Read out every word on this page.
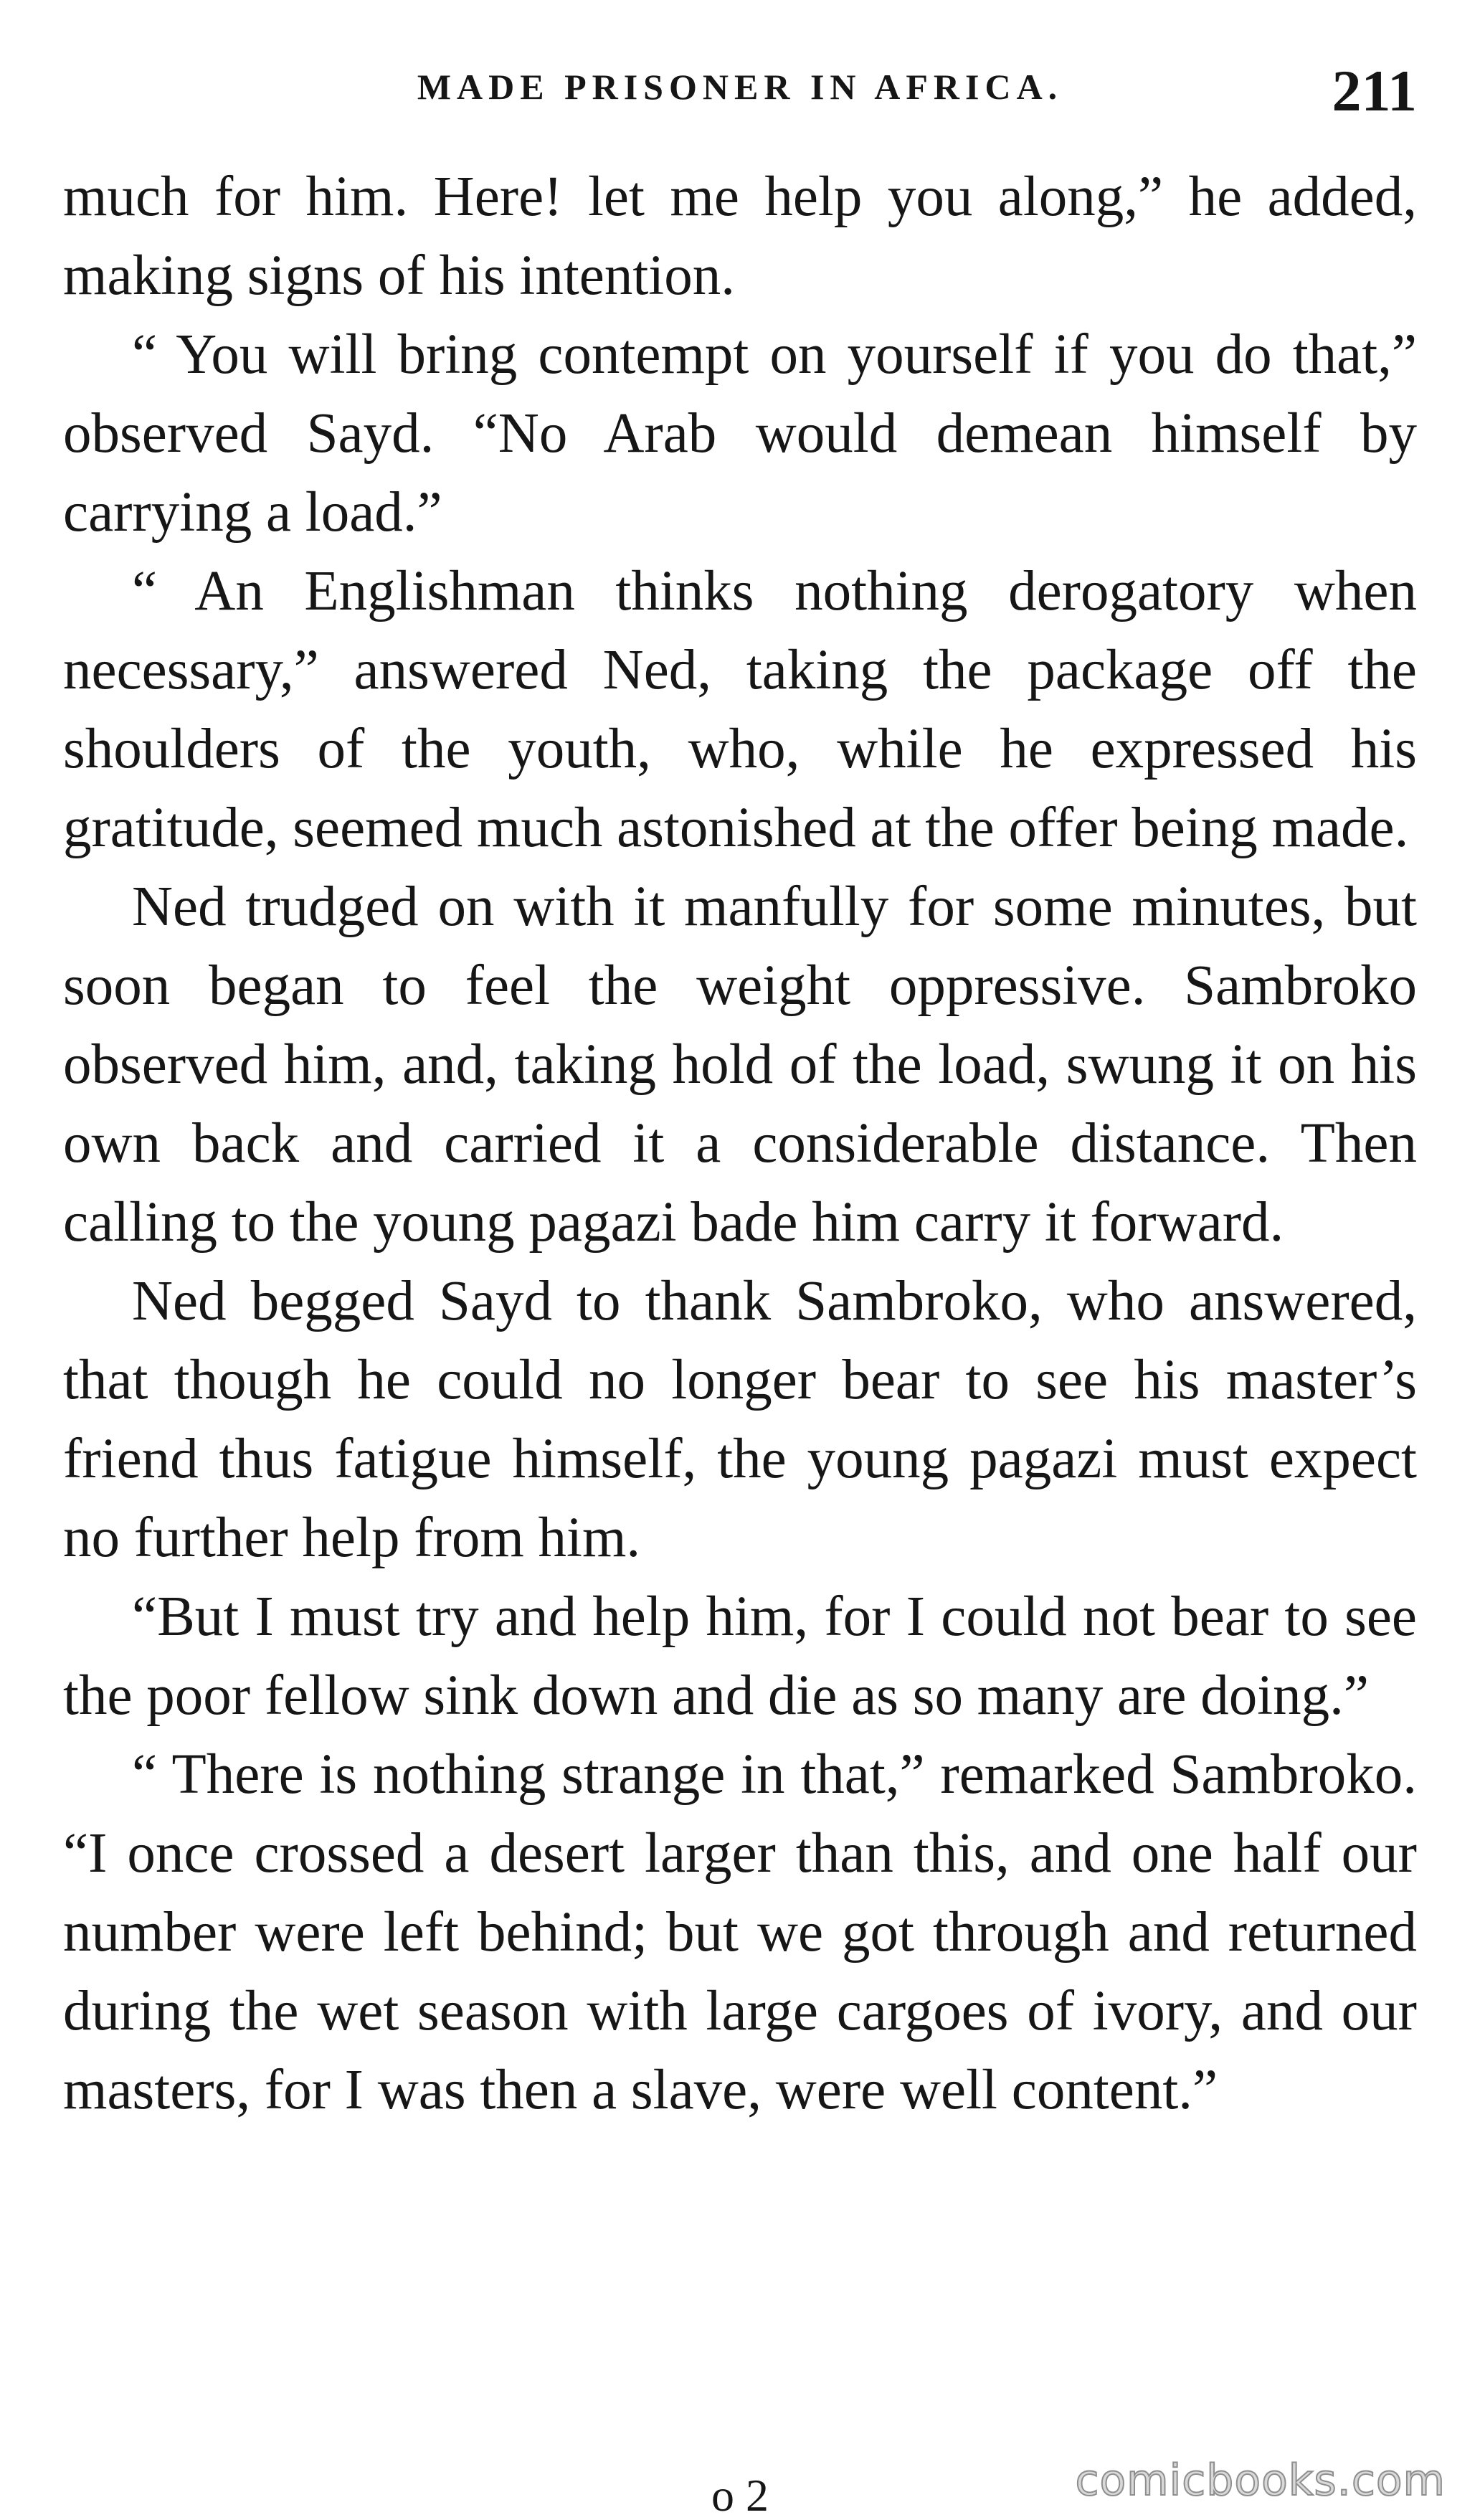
MADE PRISONER IN AFRICA.	211

much for him. Here! let me help you along,” he added, making signs of his intention.

“ You will bring contempt on yourself if you do that,” observed Sayd. “No Arab would demean himself by carrying a load.”

“ An Englishman thinks nothing derogatory when necessary,” answered Ned, taking the package off the shoulders of the youth, who, while he expressed his gratitude, seemed much astonished at the offer being made.

Ned trudged on with it manfully for some minutes, but soon began to feel the weight oppressive. Sambroko observed him, and, taking hold of the load, swung it on his own back and carried it a considerable distance. Then calling to the young pagazi bade him carry it forward.

Ned begged Sayd to thank Sambroko, who answered, that though he could no longer bear to see his master’s friend thus fatigue himself, the young pagazi must expect no further help from him.

“But I must try and help him, for I could not bear to see the poor fellow sink down and die as so many are doing.”

“ There is nothing strange in that,” remarked Sambroko. “I once crossed a desert larger than this, and one half our number were left behind; but we got through and returned during the wet season with large cargoes of ivory, and our masters, for I was then a slave, were well content.”

o 2	comicbooks.com
